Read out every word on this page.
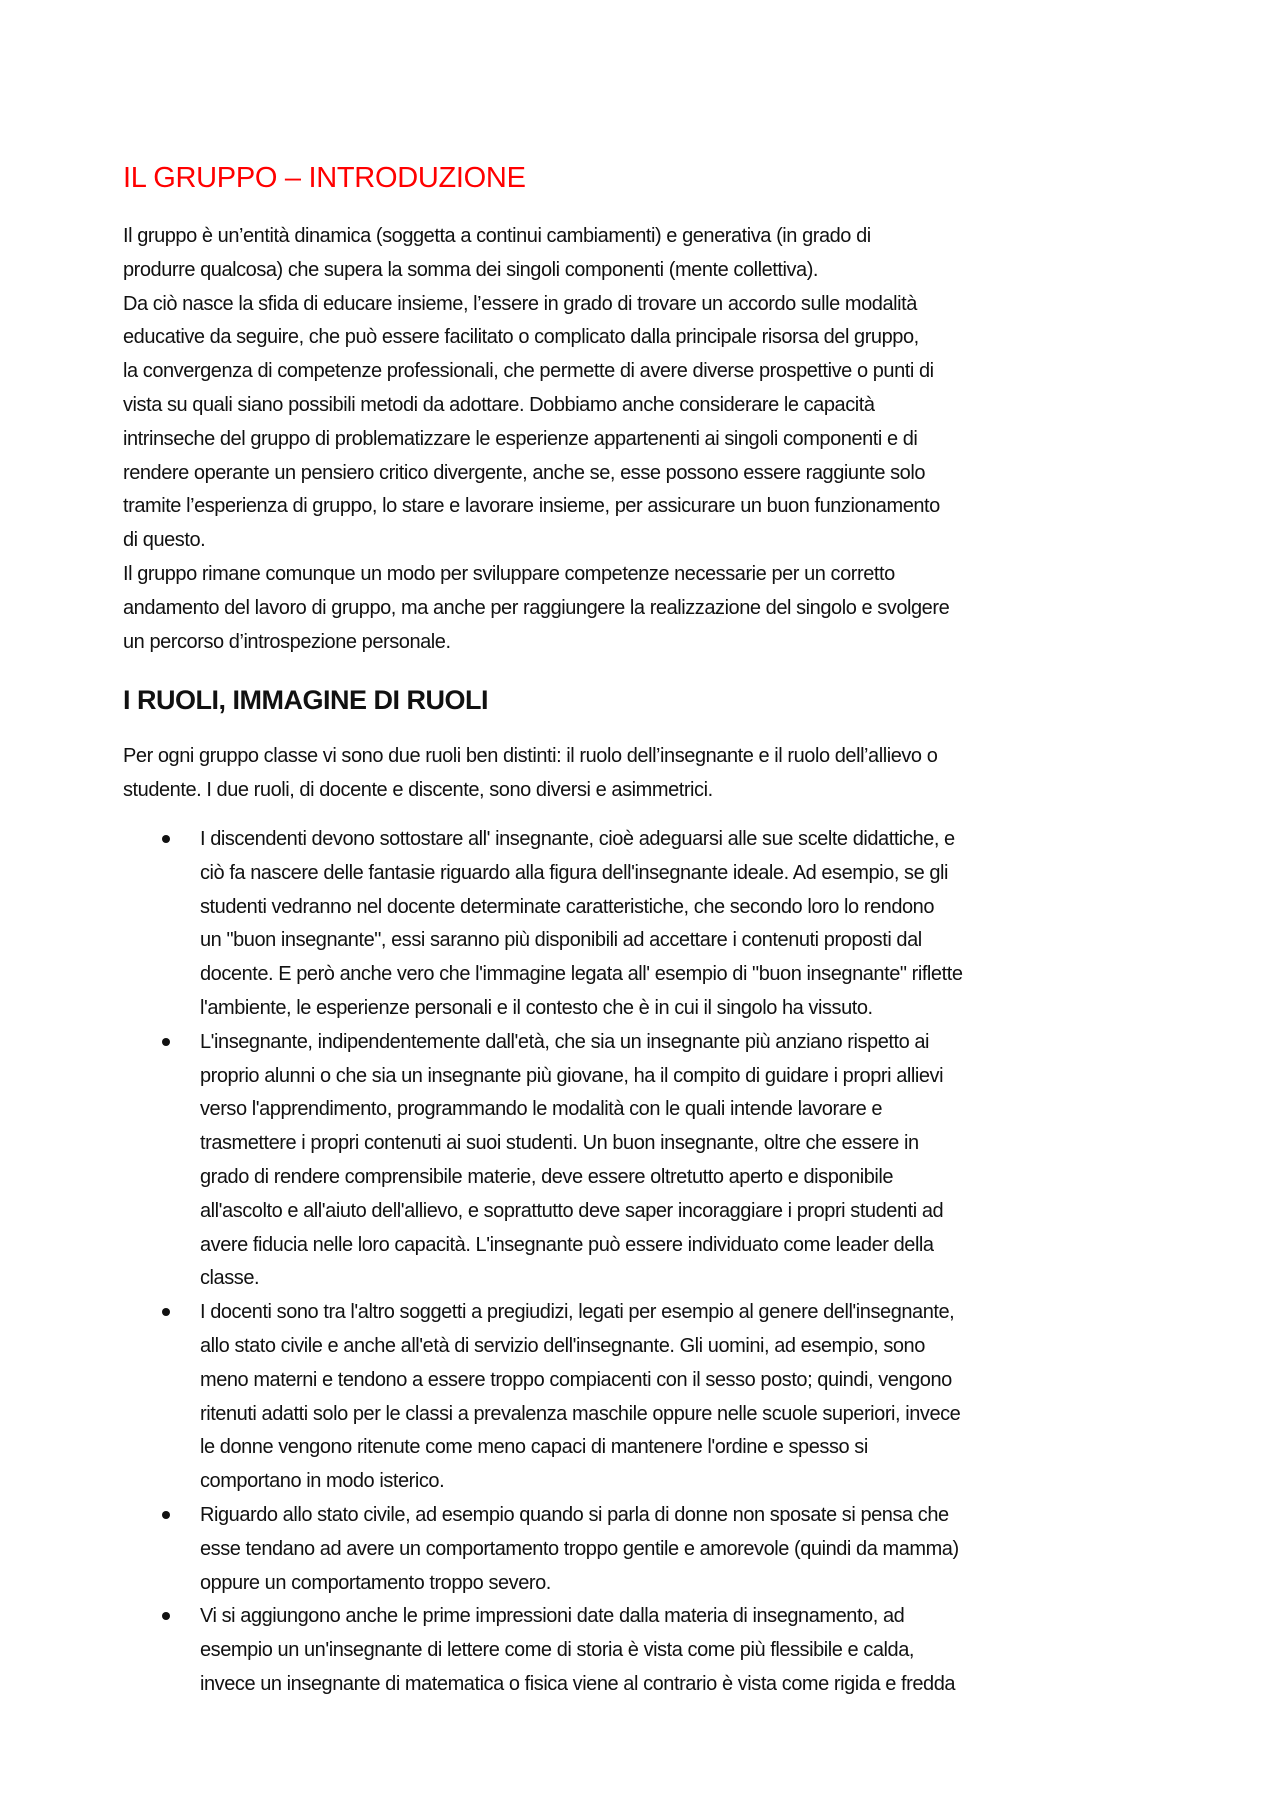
IL GRUPPO – INTRODUZIONE
Il gruppo è un’entità dinamica (soggetta a continui cambiamenti) e generativa (in grado di
produrre qualcosa) che supera la somma dei singoli componenti (mente collettiva).
Da ciò nasce la sfida di educare insieme, l’essere in grado di trovare un accordo sulle modalità
educative da seguire, che può essere facilitato o complicato dalla principale risorsa del gruppo,
la convergenza di competenze professionali, che permette di avere diverse prospettive o punti di
vista su quali siano possibili metodi da adottare. Dobbiamo anche considerare le capacità
intrinseche del gruppo di problematizzare le esperienze appartenenti ai singoli componenti e di
rendere operante un pensiero critico divergente, anche se, esse possono essere raggiunte solo
tramite l’esperienza di gruppo, lo stare e lavorare insieme, per assicurare un buon funzionamento
di questo.
Il gruppo rimane comunque un modo per sviluppare competenze necessarie per un corretto
andamento del lavoro di gruppo, ma anche per raggiungere la realizzazione del singolo e svolgere
un percorso d’introspezione personale.
I RUOLI, IMMAGINE DI RUOLI
Per ogni gruppo classe vi sono due ruoli ben distinti: il ruolo dell’insegnante e il ruolo dell’allievo o
studente. I due ruoli, di docente e discente, sono diversi e asimmetrici.
I discendenti devono sottostare all' insegnante, cioè adeguarsi alle sue scelte didattiche, e
ciò fa nascere delle fantasie riguardo alla figura dell'insegnante ideale. Ad esempio, se gli
studenti vedranno nel docente determinate caratteristiche, che secondo loro lo rendono
un "buon insegnante", essi saranno più disponibili ad accettare i contenuti proposti dal
docente. E però anche vero che l'immagine legata all' esempio di "buon insegnante" riflette
l'ambiente, le esperienze personali e il contesto che è in cui il singolo ha vissuto.
L'insegnante, indipendentemente dall'età, che sia un insegnante più anziano rispetto ai
proprio alunni o che sia un insegnante più giovane, ha il compito di guidare i propri allievi
verso l'apprendimento, programmando le modalità con le quali intende lavorare e
trasmettere i propri contenuti ai suoi studenti. Un buon insegnante, oltre che essere in
grado di rendere comprensibile materie, deve essere oltretutto aperto e disponibile
all'ascolto e all'aiuto dell'allievo, e soprattutto deve saper incoraggiare i propri studenti ad
avere fiducia nelle loro capacità. L'insegnante può essere individuato come leader della
classe.
I docenti sono tra l'altro soggetti a pregiudizi, legati per esempio al genere dell'insegnante,
allo stato civile e anche all'età di servizio dell'insegnante. Gli uomini, ad esempio, sono
meno materni e tendono a essere troppo compiacenti con il sesso posto; quindi, vengono
ritenuti adatti solo per le classi a prevalenza maschile oppure nelle scuole superiori, invece
le donne vengono ritenute come meno capaci di mantenere l'ordine e spesso si
comportano in modo isterico.
Riguardo allo stato civile, ad esempio quando si parla di donne non sposate si pensa che
esse tendano ad avere un comportamento troppo gentile e amorevole (quindi da mamma)
oppure un comportamento troppo severo.
Vi si aggiungono anche le prime impressioni date dalla materia di insegnamento, ad
esempio un un'insegnante di lettere come di storia è vista come più flessibile e calda,
invece un insegnante di matematica o fisica viene al contrario è vista come rigida e fredda
